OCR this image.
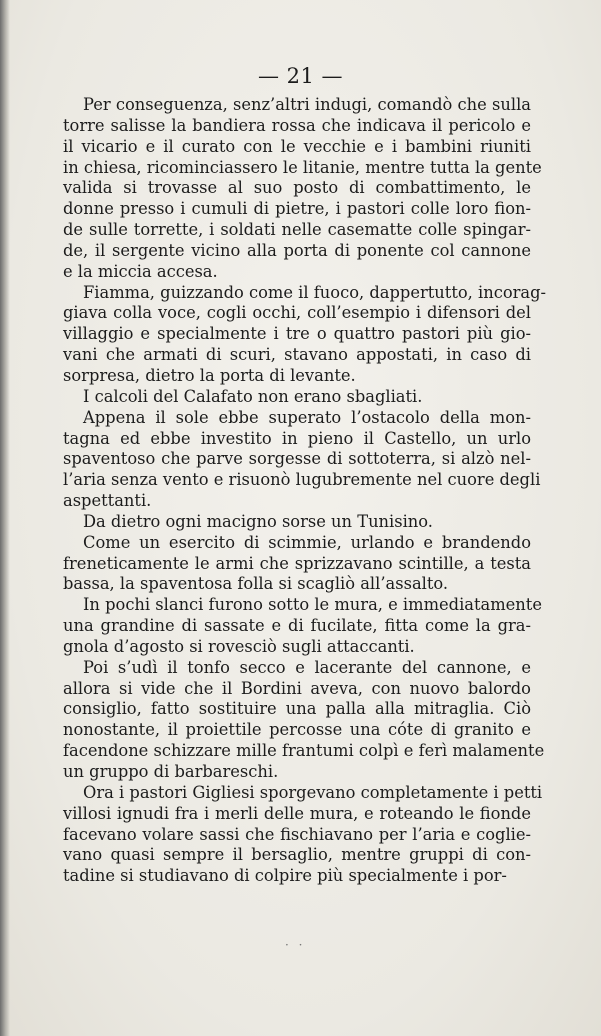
— 21 —
Per conseguenza, senz’altri indugi, comandò che sulla
torre salisse la bandiera rossa che indicava il pericolo e
il vicario e il curato con le vecchie e i bambini riuniti
in chiesa, ricominciassero le litanie, mentre tutta la gente
valida si trovasse al suo posto di combattimento, le
donne presso i cumuli di pietre, i pastori colle loro fion-
de sulle torrette, i soldati nelle casematte colle spingar-
de, il sergente vicino alla porta di ponente col cannone
e la miccia accesa.
Fiamma, guizzando come il fuoco, dappertutto, incorag-
giava colla voce, cogli occhi, coll’esempio i difensori del
villaggio e specialmente i tre o quattro pastori più gio-
vani che armati di scuri, stavano appostati, in caso di
sorpresa, dietro la porta di levante.
I calcoli del Calafato non erano sbagliati.
Appena il sole ebbe superato l’ostacolo della mon-
tagna ed ebbe investito in pieno il Castello, un urlo
spaventoso che parve sorgesse di sottoterra, si alzò nel-
l’aria senza vento e risuonò lugubremente nel cuore degli
aspettanti.
Da dietro ogni macigno sorse un Tunisino.
Come un esercito di scimmie, urlando e brandendo
freneticamente le armi che sprizzavano scintille, a testa
bassa, la spaventosa folla si scagliò all’assalto.
In pochi slanci furono sotto le mura, e immediatamente
una grandine di sassate e di fucilate, fitta come la gra-
gnola d’agosto si rovesciò sugli attaccanti.
Poi s’udì il tonfo secco e lacerante del cannone, e
allora si vide che il Bordini aveva, con nuovo balordo
consiglio, fatto sostituire una palla alla mitraglia. Ciò
nonostante, il proiettile percosse una cóte di granito e
facendone schizzare mille frantumi colpì e ferì malamente
un gruppo di barbareschi.
Ora i pastori Gigliesi sporgevano completamente i petti
villosi ignudi fra i merli delle mura, e roteando le fionde
facevano volare sassi che fischiavano per l’aria e coglie-
vano quasi sempre il bersaglio, mentre gruppi di con-
tadine si studiavano di colpire più specialmente i por-
· ·
